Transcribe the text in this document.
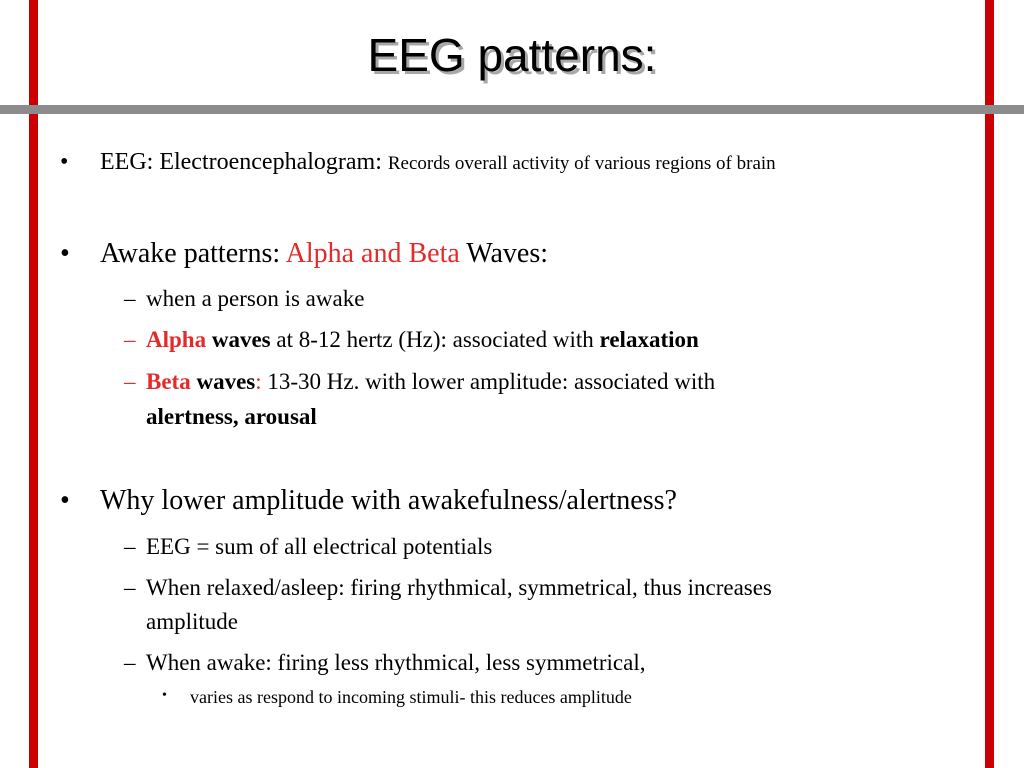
EEG patterns:
• EEG: Electroencephalogram: Records overall activity of various regions of brain
• Awake patterns: Alpha and Beta Waves:
– when a person is awake
– Alpha waves at 8-12 hertz (Hz): associated with relaxation
– Beta waves: 13-30 Hz. with lower amplitude: associated with
alertness, arousal
• Why lower amplitude with awakefulness/alertness?
– EEG = sum of all electrical potentials
– When relaxed/asleep: firing rhythmical, symmetrical, thus increases
amplitude
– When awake: firing less rhythmical, less symmetrical,
• varies as respond to incoming stimuli- this reduces amplitude
